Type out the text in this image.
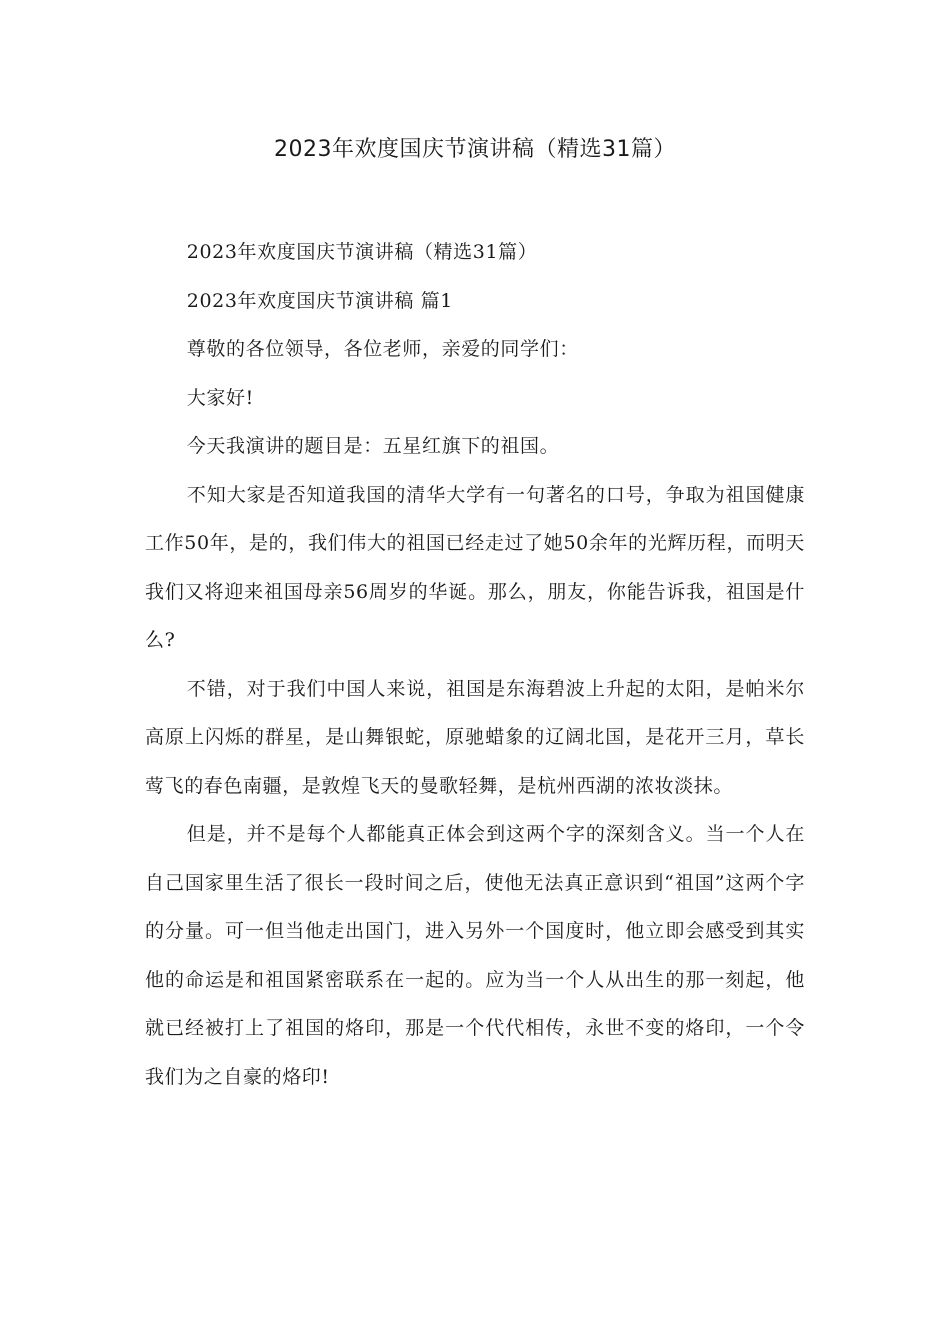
2023年欢度国庆节演讲稿（精选31篇）

2023年欢度国庆节演讲稿（精选31篇）

2023年欢度国庆节演讲稿 篇1

尊敬的各位领导，各位老师，亲爱的同学们：

大家好!

今天我演讲的题目是：五星红旗下的祖国。

不知大家是否知道我国的清华大学有一句著名的口号，争取为祖国健康工作50年，是的，我们伟大的祖国已经走过了她50余年的光辉历程，而明天我们又将迎来祖国母亲56周岁的华诞。那么，朋友，你能告诉我，祖国是什么?

不错，对于我们中国人来说，祖国是东海碧波上升起的太阳，是帕米尔高原上闪烁的群星，是山舞银蛇，原驰蜡象的辽阔北国，是花开三月，草长莺飞的春色南疆，是敦煌飞天的曼歌轻舞，是杭州西湖的浓妆淡抹。

但是，并不是每个人都能真正体会到这两个字的深刻含义。当一个人在自己国家里生活了很长一段时间之后，使他无法真正意识到“祖国”这两个字的分量。可一但当他走出国门，进入另外一个国度时，他立即会感受到其实他的命运是和祖国紧密联系在一起的。应为当一个人从出生的那一刻起，他就已经被打上了祖国的烙印，那是一个代代相传，永世不变的烙印，一个令我们为之自豪的烙印!
